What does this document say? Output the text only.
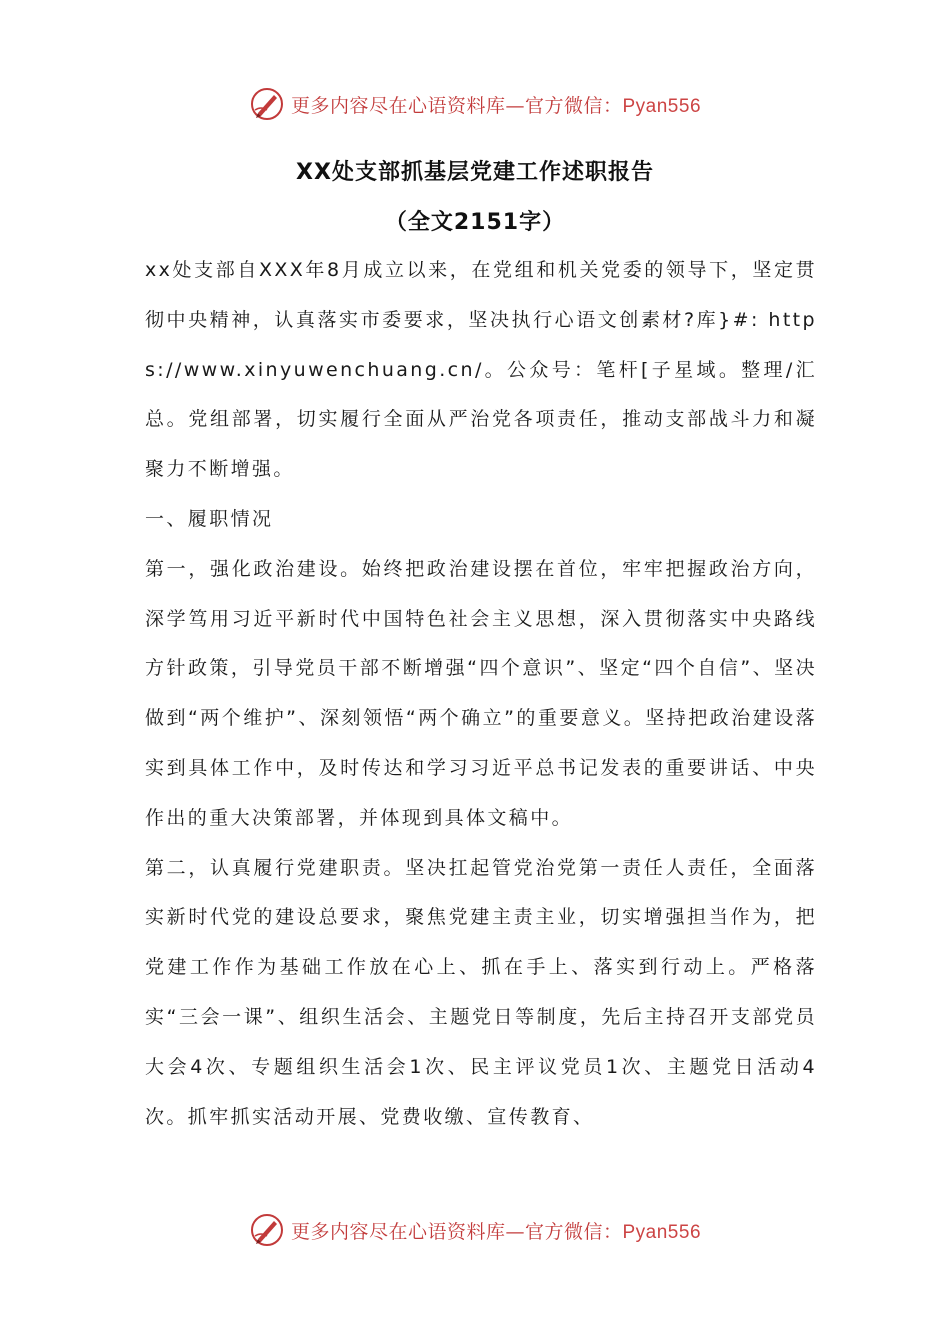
更多内容尽在心语资料库—官方微信：Pyan556
XX处支部抓基层党建工作述职报告
（全文2151字）

xx处支部自XXX年8月成立以来，在党组和机关党委的领导下，坚定贯彻中央精神，认真落实市委要求，坚决执行心语文创素材?库}#: https://www.xinyuwenchuang.cn/。公众号：笔杆[子星域。整理/汇总。党组部署，切实履行全面从严治党各项责任，推动支部战斗力和凝聚力不断增强。

一、履职情况

第一，强化政治建设。始终把政治建设摆在首位，牢牢把握政治方向，深学笃用习近平新时代中国特色社会主义思想，深入贯彻落实中央路线方针政策，引导党员干部不断增强“四个意识”、坚定“四个自信”、坚决做到“两个维护”、深刻领悟“两个确立”的重要意义。坚持把政治建设落实到具体工作中，及时传达和学习习近平总书记发表的重要讲话、中央作出的重大决策部署，并体现到具体文稿中。

第二，认真履行党建职责。坚决扛起管党治党第一责任人责任，全面落实新时代党的建设总要求，聚焦党建主责主业，切实增强担当作为，把党建工作作为基础工作放在心上、抓在手上、落实到行动上。严格落实“三会一课”、组织生活会、主题党日等制度，先后主持召开支部党员大会4次、专题组织生活会1次、民主评议党员1次、主题党日活动4次。抓牢抓实活动开展、党费收缴、宣传教育、

更多内容尽在心语资料库—官方微信：Pyan556
